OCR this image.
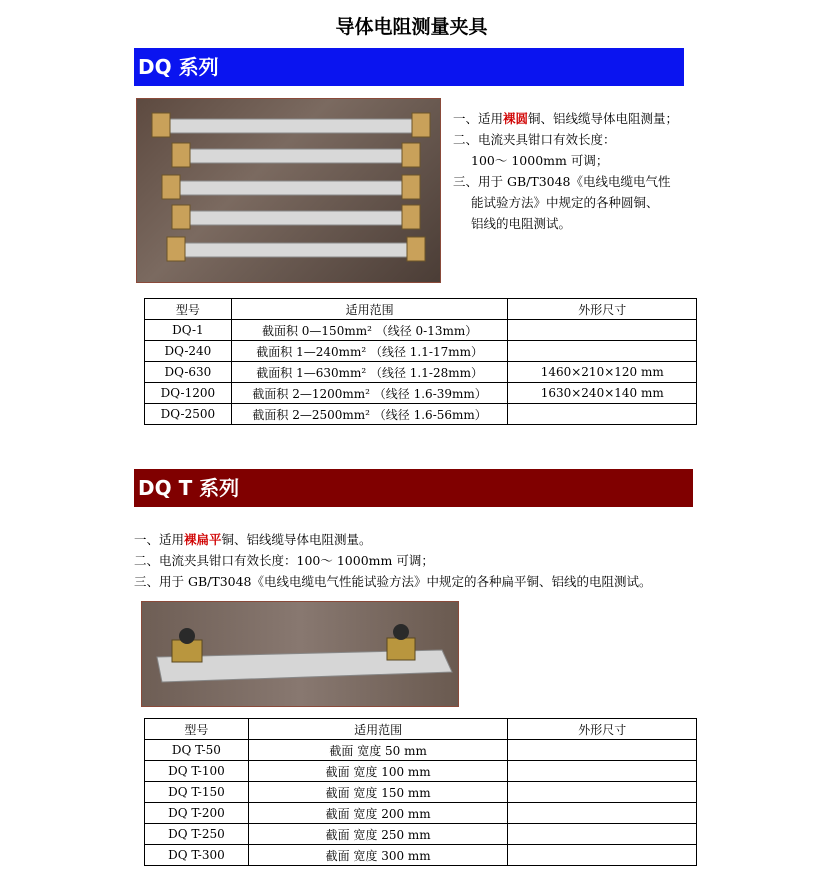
导体电阻测量夹具
DQ 系列
一、适用裸圆铜、铝线缆导体电阻测量；
二、电流夹具钳口有效长度：
100～ 1000mm 可调；
三、用于 GB/T3048《电线电缆电气性
能试验方法》中规定的各种圆铜、
铝线的电阻测试。
型号	适用范围	外形尺寸
DQ-1	截面积 0—150mm² （线径 0-13mm）	
DQ-240	截面积 1—240mm² （线径 1.1-17mm）	
DQ-630	截面积 1—630mm² （线径 1.1-28mm）	1460×210×120 mm
DQ-1200	截面积 2—1200mm² （线径 1.6-39mm）	1630×240×140 mm
DQ-2500	截面积 2—2500mm² （线径 1.6-56mm）	
DQ T 系列
一、适用裸扁平铜、铝线缆导体电阻测量。
二、电流夹具钳口有效长度：100～ 1000mm 可调；
三、用于 GB/T3048《电线电缆电气性能试验方法》中规定的各种扁平铜、铝线的电阻测试。
型号	适用范围	外形尺寸
DQ T-50	截面 宽度 50 mm	
DQ T-100	截面 宽度 100 mm	
DQ T-150	截面 宽度 150 mm	
DQ T-200	截面 宽度 200 mm	
DQ T-250	截面 宽度 250 mm	
DQ T-300	截面 宽度 300 mm	
